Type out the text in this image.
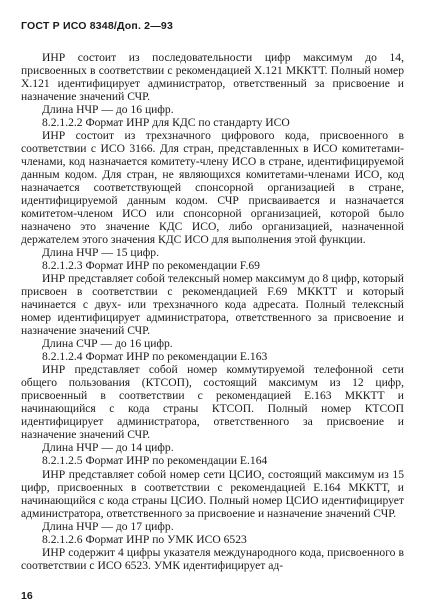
ГОСТ Р ИСО 8348/Доп. 2—93

ИНР состоит из последовательности цифр максимум до 14, присвоенных в соответствии с рекомендацией X.121 МККТТ. Полный номер X.121 идентифицирует администратор, ответственный за присвоение и назначение значений СЧР.

Длина НЧР — до 16 цифр.

8.2.1.2.2 Формат ИНР для КДС по стандарту ИСО

ИНР состоит из трехзначного цифрового кода, присвоенного в соответствии с ИСО 3166. Для стран, представленных в ИСО комитетами-членами, код назначается комитету-члену ИСО в стране, идентифицируемой данным кодом. Для стран, не являющихся комитетами-членами ИСО, код назначается соответствующей спонсорной организацией в стране, идентифицируемой данным кодом. СЧР присваивается и назначается комитетом-членом ИСО или спонсорной организацией, которой было назначено это значение КДС ИСО, либо организацией, назначенной держателем этого значения КДС ИСО для выполнения этой функции.

Длина НЧР — 15 цифр.

8.2.1.2.3 Формат ИНР по рекомендации F.69

ИНР представляет собой телексный номер максимум до 8 цифр, который присвоен в соответствии с рекомендацией F.69 МККТТ и который начинается с двух- или трехзначного кода адресата. Полный телексный номер идентифицирует администратора, ответственного за присвоение и назначение значений СЧР.

Длина СЧР — до 16 цифр.

8.2.1.2.4 Формат ИНР по рекомендации E.163

ИНР представляет собой номер коммутируемой телефонной сети общего пользования (КТСОП), состоящий максимум из 12 цифр, присвоенный в соответствии с рекомендацией E.163 МККТТ и начинающийся с кода страны КТСОП. Полный номер КТСОП идентифицирует администратора, ответственного за присвоение и назначение значений СЧР.

Длина НЧР — до 14 цифр.

8.2.1.2.5 Формат ИНР по рекомендации E.164

ИНР представляет собой номер сети ЦСИО, состоящий максимум из 15 цифр, присвоенных в соответствии с рекомендацией E.164 МККТТ, и начинающийся с кода страны ЦСИО. Полный номер ЦСИО идентифицирует администратора, ответственного за присвоение и назначение значений СЧР.

Длина НЧР — до 17 цифр.

8.2.1.2.6 Формат ИНР по УМК ИСО 6523

ИНР содержит 4 цифры указателя международного кода, присвоенного в соответствии с ИСО 6523. УМК идентифицирует ад-

16
